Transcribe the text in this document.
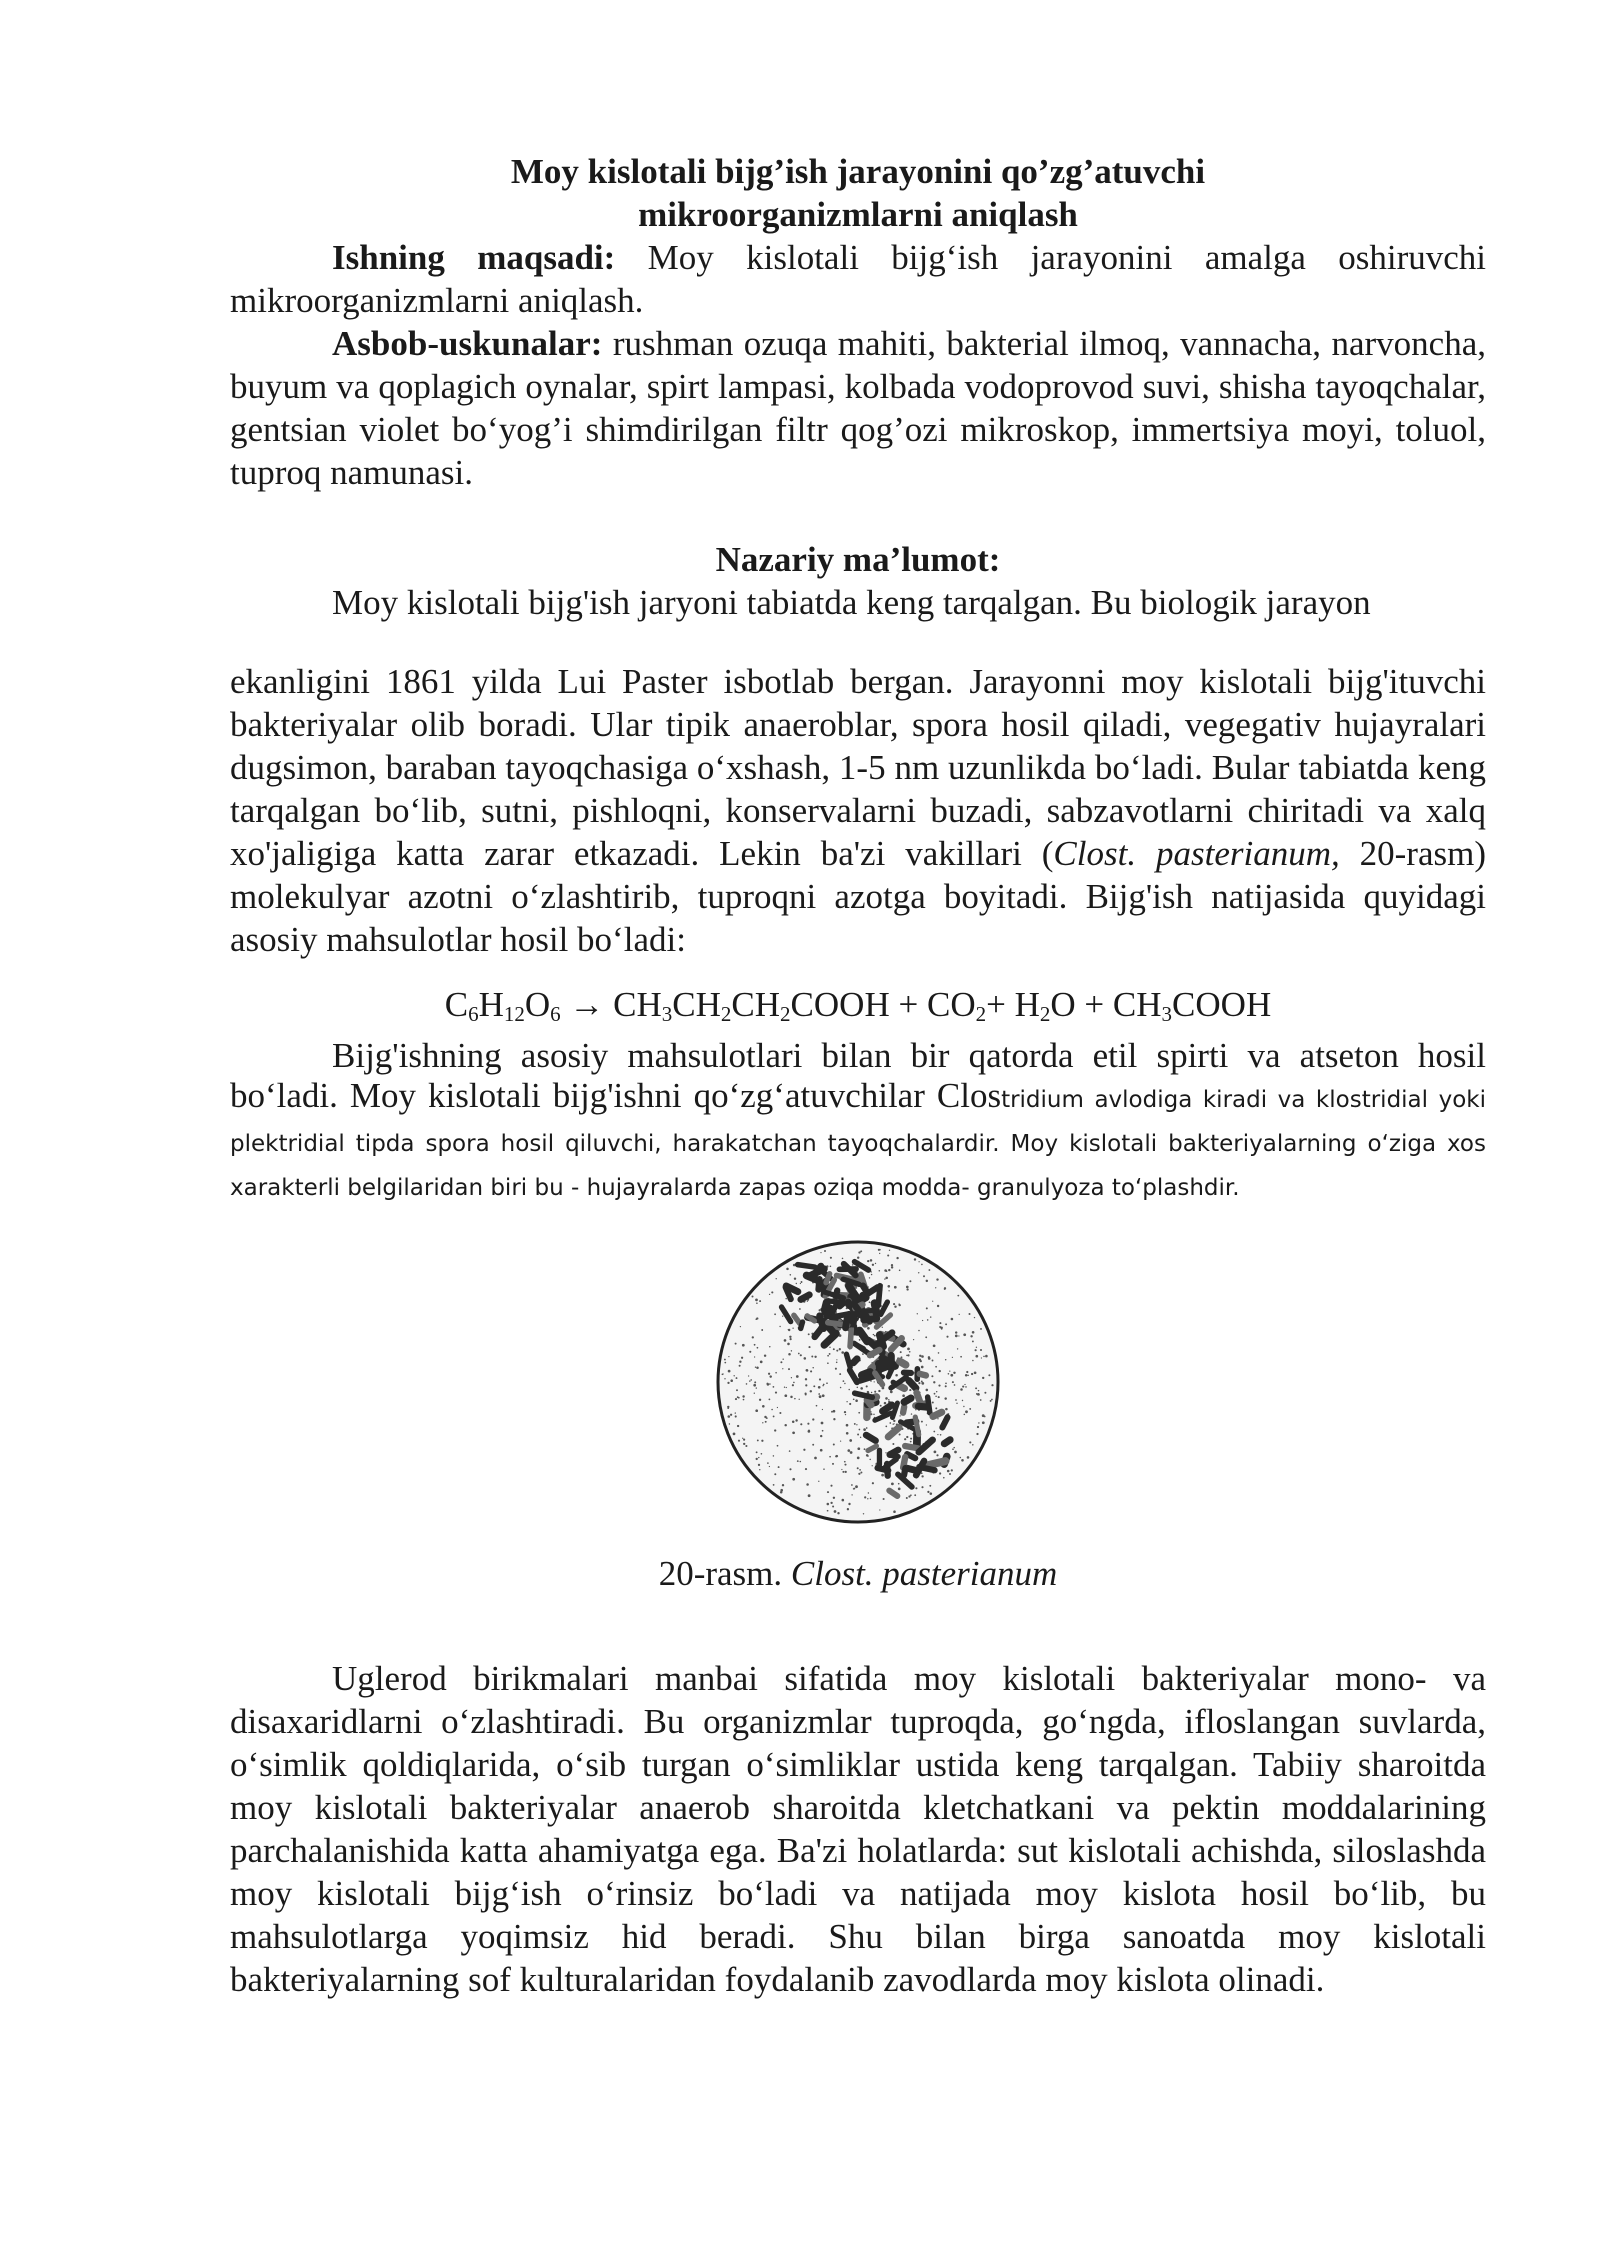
Moy kislotali bijg’ish jarayonini qo’zg’atuvchi

mikroorganizmlarni aniqlash

Ishning maqsadi: Moy kislotali bijg‘ish jarayonini amalga oshiruvchi mikroorganizmlarni aniqlash.

Asbob-uskunalar: rushman ozuqa mahiti, bakterial ilmoq, vannacha, narvoncha, buyum va qoplagich oynalar, spirt lampasi, kolbada vodoprovod suvi, shisha tayoqchalar, gentsian violet bo‘yog’i shimdirilgan filtr qog’ozi mikroskop, immertsiya moyi, toluol, tuproq namunasi.

Nazariy ma’lumot:

Moy kislotali bijg'ish jaryoni tabiatda keng tarqalgan. Bu biologik jarayon

ekanligini 1861 yilda Lui Paster isbotlab bergan. Jarayonni moy kislotali bijg'ituvchi bakteriyalar olib boradi. Ular tipik anaeroblar, spora hosil qiladi, vegegativ hujayralari dugsimon, baraban tayoqchasiga o‘xshash, 1-5 nm uzunlikda bo‘ladi. Bular tabiatda keng tarqalgan bo‘lib, sutni, pishloqni, konservalarni buzadi, sabzavotlarni chiritadi va xalq xo'jaligiga katta zarar etkazadi. Lekin ba'zi vakillari (Clost. pasterianum, 20-rasm) molekulyar azotni o‘zlashtirib, tuproqni azotga boyitadi. Bijg'ish natijasida quyidagi asosiy mahsulotlar hosil bo‘ladi:

$C_6H_{12}O_6$ → $CH_3CH_2CH_2COOH + CO_2+ H_2O$ + $CH_3COOH$

Bijg'ishning asosiy mahsulotlari bilan bir qatorda etil spirti va atseton hosil bo‘ladi. Moy kislotali bijg'ishni qo‘zg‘atuvchilar Clostridium avlodiga kiradi va klostridial yoki plektridial tipda spora hosil qiluvchi, harakatchan tayoqchalardir. Moy kislotali bakteriyalarning o‘ziga xos xarakterli belgilaridan biri bu - hujayralarda zapas oziqa modda- granulyoza to‘plashdir.

20-rasm. Clost. pasterianum

Uglerod birikmalari manbai sifatida moy kislotali bakteriyalar mono- va disaxaridlarni o‘zlashtiradi. Bu organizmlar tuproqda, go‘ngda, ifloslangan suvlarda, o‘simlik qoldiqlarida, o‘sib turgan o‘simliklar ustida keng tarqalgan. Tabiiy sharoitda moy kislotali bakteriyalar anaerob sharoitda kletchatkani va pektin moddalarining parchalanishida katta ahamiyatga ega. Ba'zi holatlarda: sut kislotali achishda, siloslashda moy kislotali bijg‘ish o‘rinsiz bo‘ladi va natijada moy kislota hosil bo‘lib, bu mahsulotlarga yoqimsiz hid beradi. Shu bilan birga sanoatda moy kislotali bakteriyalarning sof kulturalaridan foydalanib zavodlarda moy kislota olinadi.
